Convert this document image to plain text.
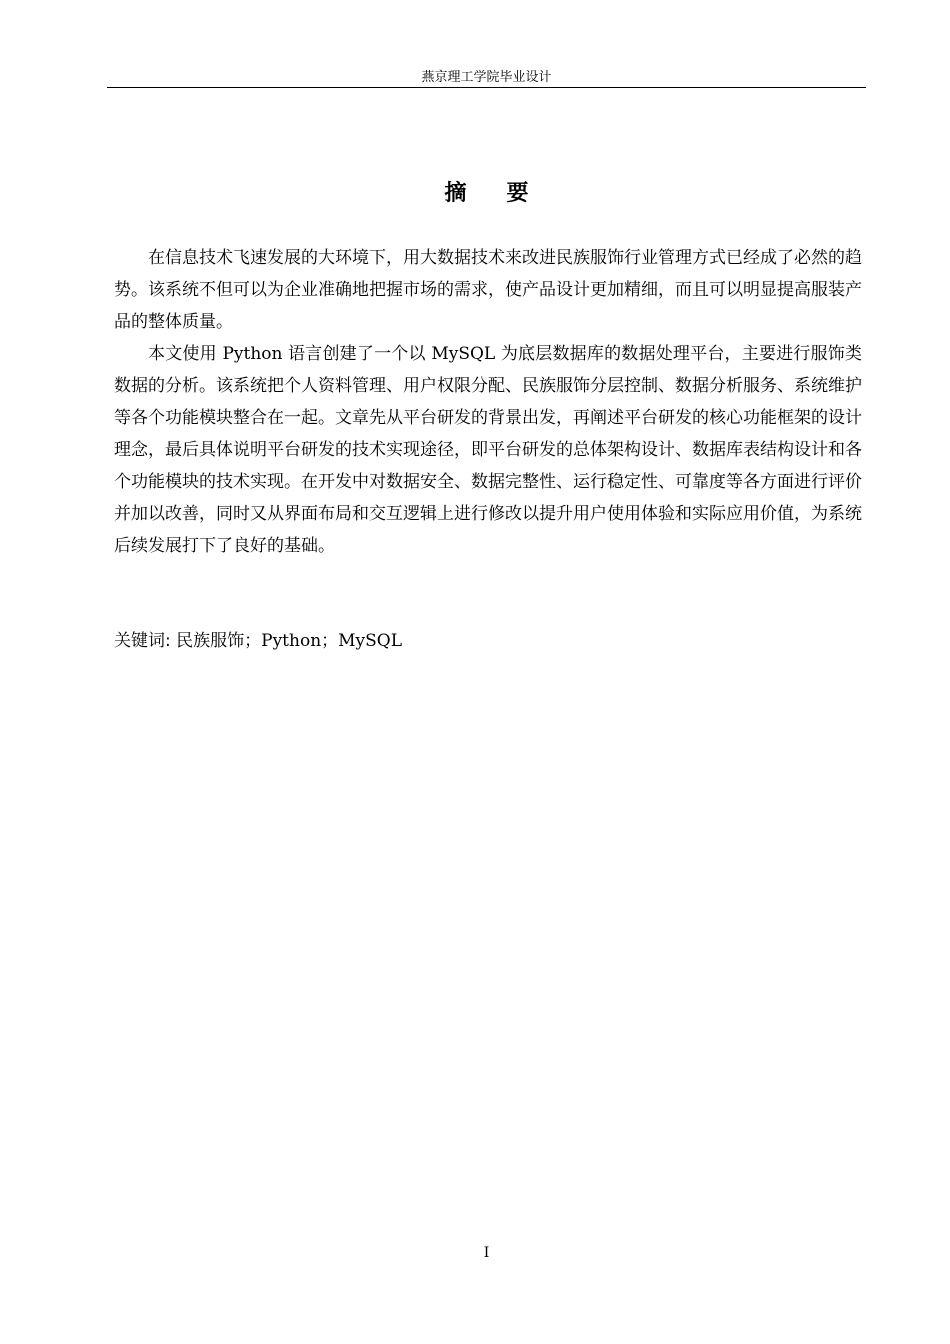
燕京理工学院毕业设计
摘 要

在信息技术飞速发展的大环境下，用大数据技术来改进民族服饰行业管理方式已经成了必然的趋势。该系统不但可以为企业准确地把握市场的需求，使产品设计更加精细，而且可以明显提高服装产品的整体质量。

本文使用 Python 语言创建了一个以 MySQL 为底层数据库的数据处理平台，主要进行服饰类数据的分析。该系统把个人资料管理、用户权限分配、民族服饰分层控制、数据分析服务、系统维护等各个功能模块整合在一起。文章先从平台研发的背景出发，再阐述平台研发的核心功能框架的设计理念，最后具体说明平台研发的技术实现途径，即平台研发的总体架构设计、数据库表结构设计和各个功能模块的技术实现。在开发中对数据安全、数据完整性、运行稳定性、可靠度等各方面进行评价并加以改善，同时又从界面布局和交互逻辑上进行修改以提升用户使用体验和实际应用价值，为系统后续发展打下了良好的基础。

关键词: 民族服饰；Python；MySQL
I
